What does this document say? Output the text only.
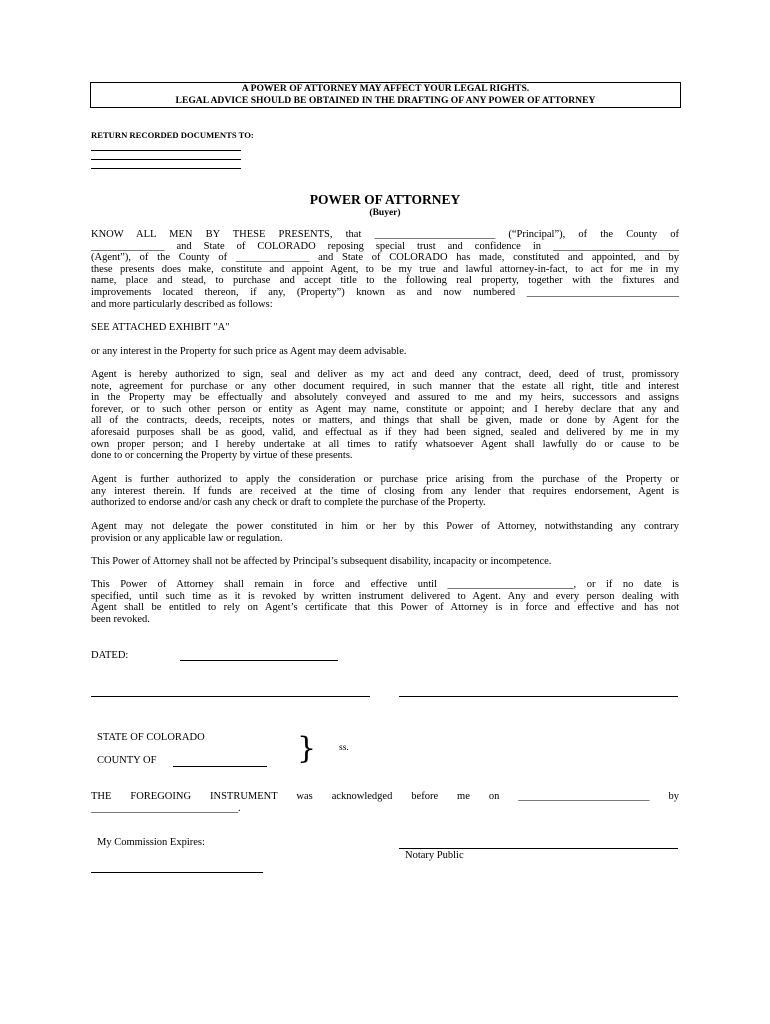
A POWER OF ATTORNEY MAY AFFECT YOUR LEGAL RIGHTS.
LEGAL ADVICE SHOULD BE OBTAINED IN THE DRAFTING OF ANY POWER OF ATTORNEY
RETURN RECORDED DOCUMENTS TO:
POWER OF ATTORNEY
(Buyer)
KNOW ALL MEN BY THESE PRESENTS, that _______________________ (“Principal”), of the County of
______________ and State of COLORADO reposing special trust and confidence in ________________________
(Agent”), of the County of ______________ and State of COLORADO has made, constituted and appointed, and by
these presents does make, constitute and appoint Agent, to be my true and lawful attorney-in-fact, to act for me in my
name, place and stead, to purchase and accept title to the following real property, together with the fixtures and
improvements located thereon, if any, (Property”) known as and now numbered _____________________________
and more particularly described as follows:
SEE ATTACHED EXHIBIT "A"
or any interest in the Property for such price as Agent may deem advisable.
Agent is hereby authorized to sign, seal and deliver as my act and deed any contract, deed, deed of trust, promissory
note, agreement for purchase or any other document required, in such manner that the estate all right, title and interest
in the Property may be effectually and absolutely conveyed and assured to me and my heirs, successors and assigns
forever, or to such other person or entity as Agent may name, constitute or appoint; and I hereby declare that any and
all of the contracts, deeds, receipts, notes or matters, and things that shall be given, made or done by Agent for the
aforesaid purposes shall be as good, valid, and effectual as if they had been signed, sealed and delivered by me in my
own proper person; and I hereby undertake at all times to ratify whatsoever Agent shall lawfully do or cause to be
done to or concerning the Property by virtue of these presents.
Agent is further authorized to apply the consideration or purchase price arising from the purchase of the Property or
any interest therein. If funds are received at the time of closing from any lender that requires endorsement, Agent is
authorized to endorse and/or cash any check or draft to complete the purchase of the Property.
Agent may not delegate the power constituted in him or her by this Power of Attorney, notwithstanding any contrary
provision or any applicable law or regulation.
This Power of Attorney shall not be affected by Principal’s subsequent disability, incapacity or incompetence.
This Power of Attorney shall remain in force and effective until ________________________, or if no date is
specified, until such time as it is revoked by written instrument delivered to Agent. Any and every person dealing with
Agent shall be entitled to rely on Agent’s certificate that this Power of Attorney is in force and effective and has not
been revoked.
DATED:
STATE OF COLORADO
COUNTY OF	} ss.
THE FOREGOING INSTRUMENT was acknowledged before me on _________________________ by
____________________________.
My Commission Expires:
Notary Public
